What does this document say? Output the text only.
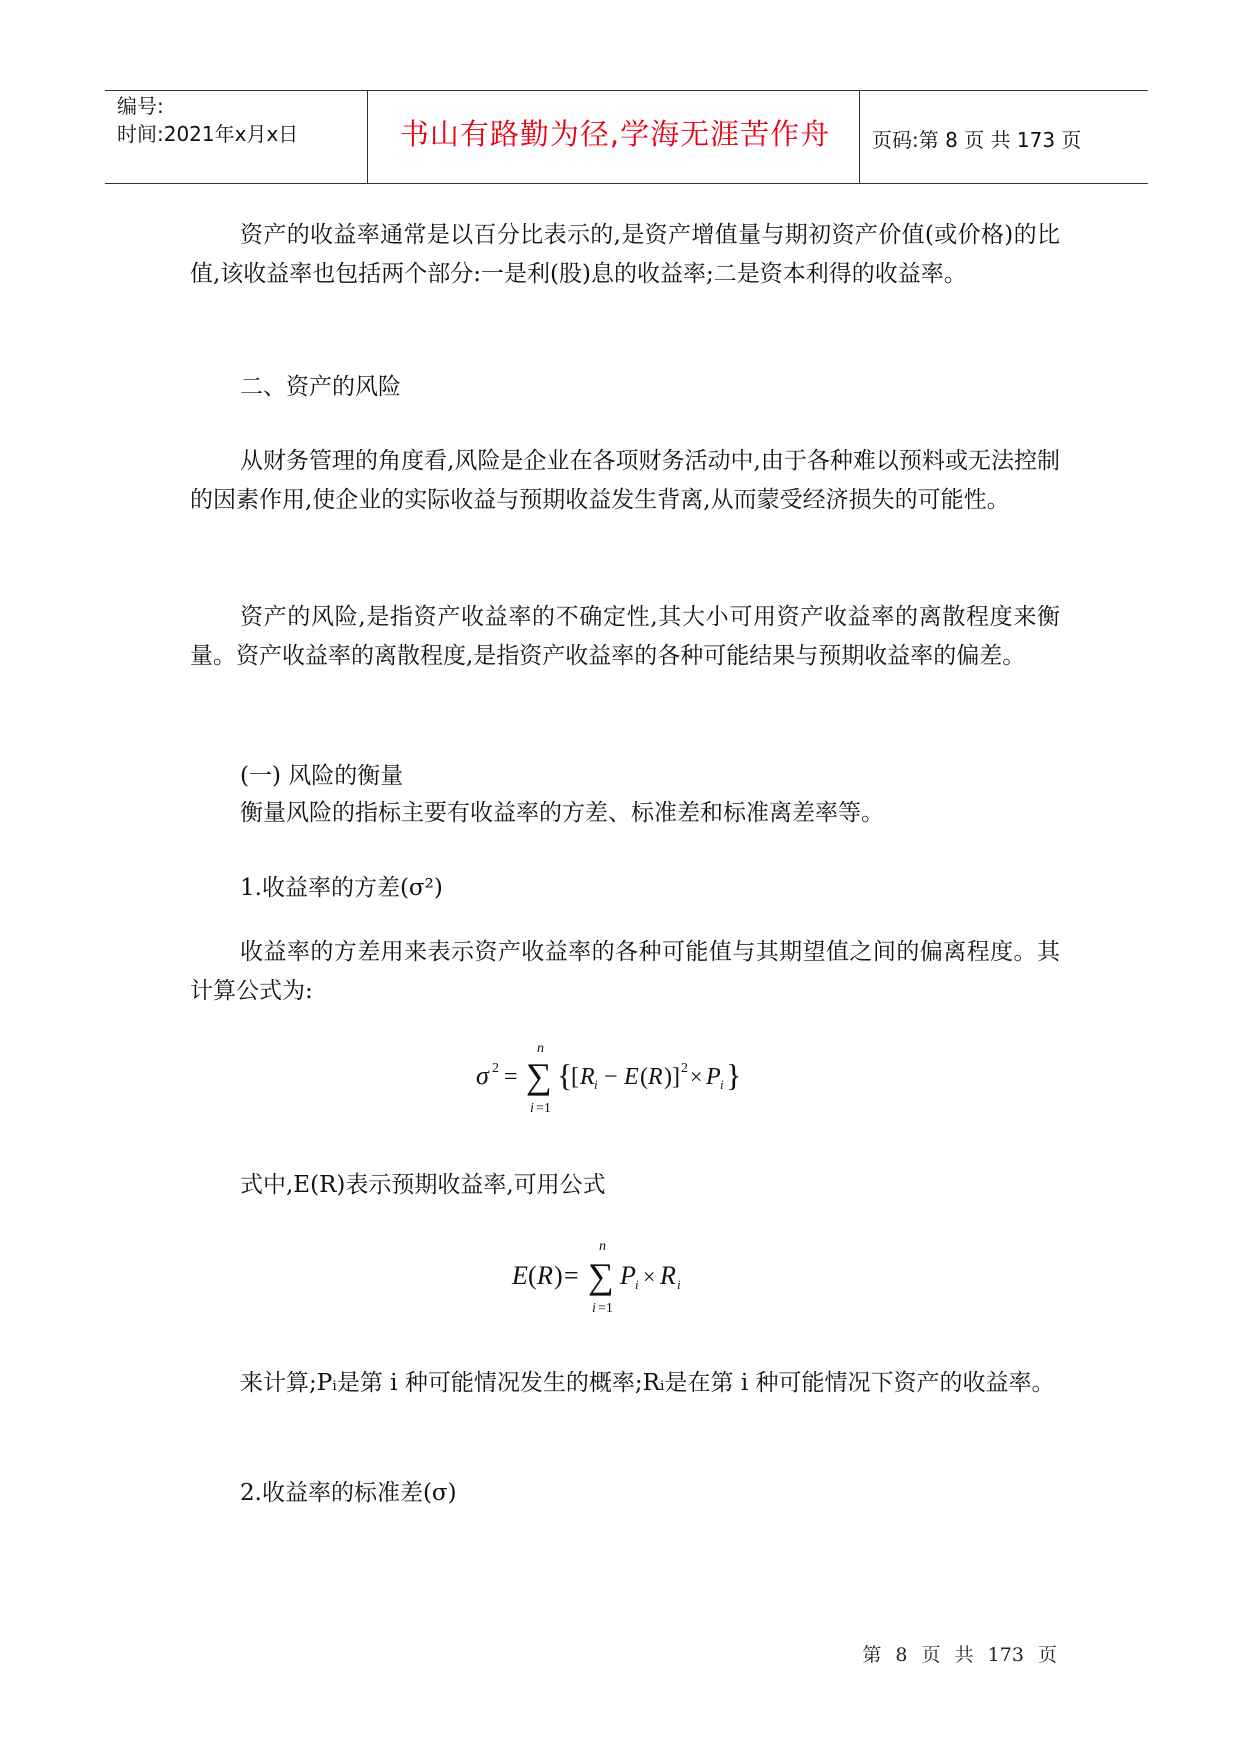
编号:
时间:2021年x月x日	书山有路勤为径,学海无涯苦作舟	页码:第 8 页 共 173 页
资产的收益率通常是以百分比表示的,是资产增值量与期初资产价值(或价格)的比值,该收益率也包括两个部分:一是利(股)息的收益率;二是资本利得的收益率。
二、资产的风险
从财务管理的角度看,风险是企业在各项财务活动中,由于各种难以预料或无法控制的因素作用,使企业的实际收益与预期收益发生背离,从而蒙受经济损失的可能性。
资产的风险,是指资产收益率的不确定性,其大小可用资产收益率的离散程度来衡量。资产收益率的离散程度,是指资产收益率的各种可能结果与预期收益率的偏差。
(一) 风险的衡量
衡量风险的指标主要有收益率的方差、标准差和标准离差率等。
1.收益率的方差(σ²)
收益率的方差用来表示资产收益率的各种可能值与其期望值之间的偏离程度。其计算公式为:
σ 2 = ∑
n
i =1
{
[ R i − E ( R )] 2 × P i }
式中,E(R)表示预期收益率,可用公式
E ( R ) = ∑
n
i =1
P i × R i
来计算;Pᵢ是第 i 种可能情况发生的概率;Rᵢ是在第 i 种可能情况下资产的收益率。
2.收益率的标准差(σ)
第 8 页 共 173 页
